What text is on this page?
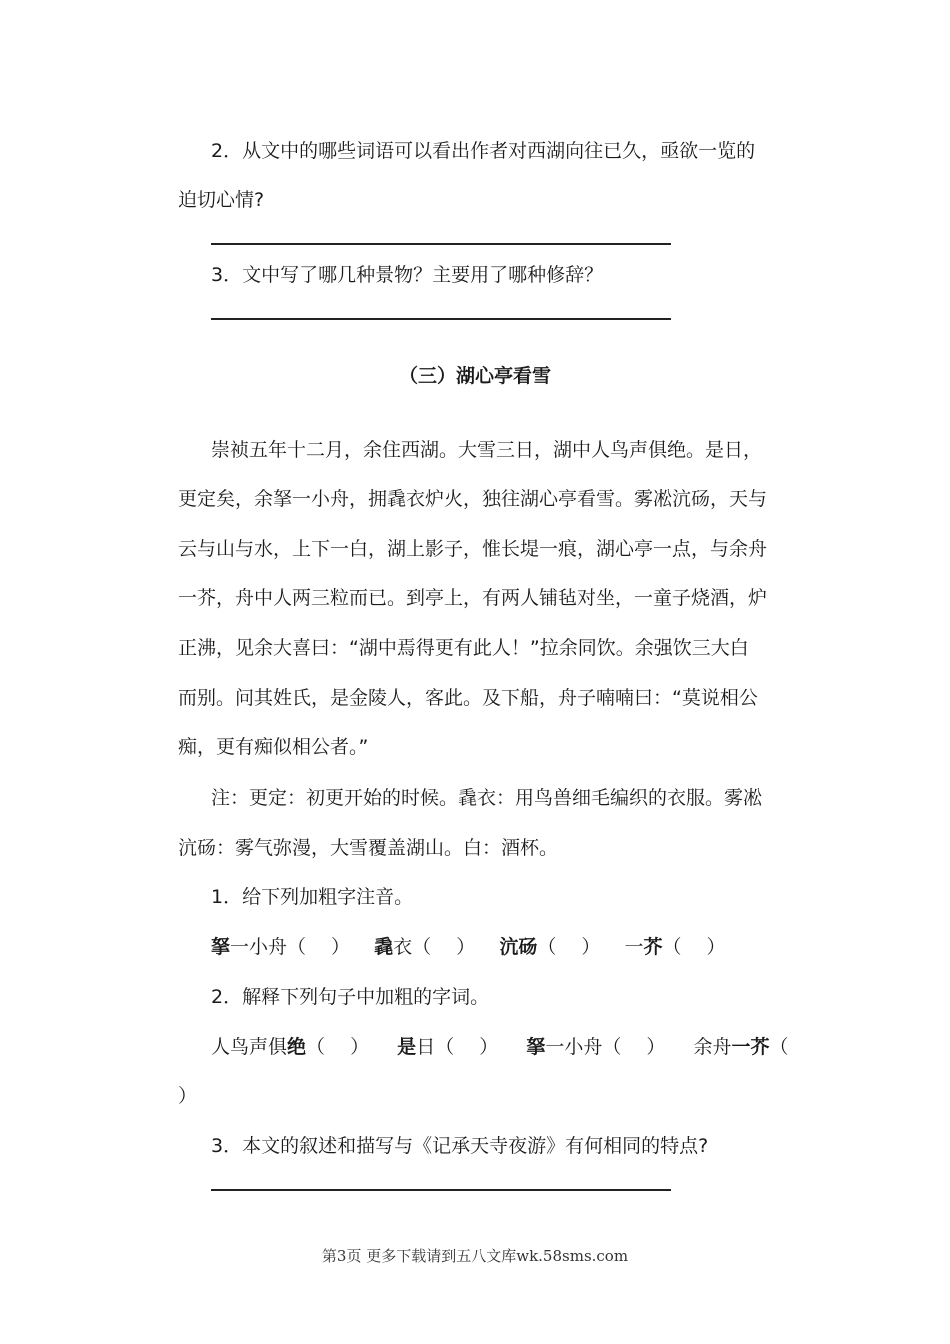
2．从文中的哪些词语可以看出作者对西湖向往已久，亟欲一览的
迫切心情?
3．文中写了哪几种景物？主要用了哪种修辞？
（三）湖心亭看雪
崇祯五年十二月，余住西湖。大雪三日，湖中人鸟声俱绝。是日，
更定矣，余拏一小舟，拥毳衣炉火，独往湖心亭看雪。雾凇沆砀，天与
云与山与水，上下一白，湖上影子，惟长堤一痕，湖心亭一点，与余舟
一芥，舟中人两三粒而已。到亭上，有两人铺毡对坐，一童子烧酒，炉
正沸，见余大喜曰：“湖中焉得更有此人！”拉余同饮。余强饮三大白
而别。问其姓氏，是金陵人，客此。及下船，舟子喃喃曰：“莫说相公
痴，更有痴似相公者。”
注：更定：初更开始的时候。毳衣：用鸟兽细毛编织的衣服。雾凇
沆砀：雾气弥漫，大雪覆盖湖山。白：酒杯。
1．给下列加粗字注音。
拏一小舟（　 ） 毳衣（　 ） 沆砀（　 ） 一芥（　 ）
2．解释下列句子中加粗的字词。
人鸟声俱绝（　 ） 是日（　 ） 拏一小舟（　 ） 余舟一芥（
）
3．本文的叙述和描写与《记承天寺夜游》有何相同的特点?
第3页 更多下载请到五八文库wk.58sms.com
